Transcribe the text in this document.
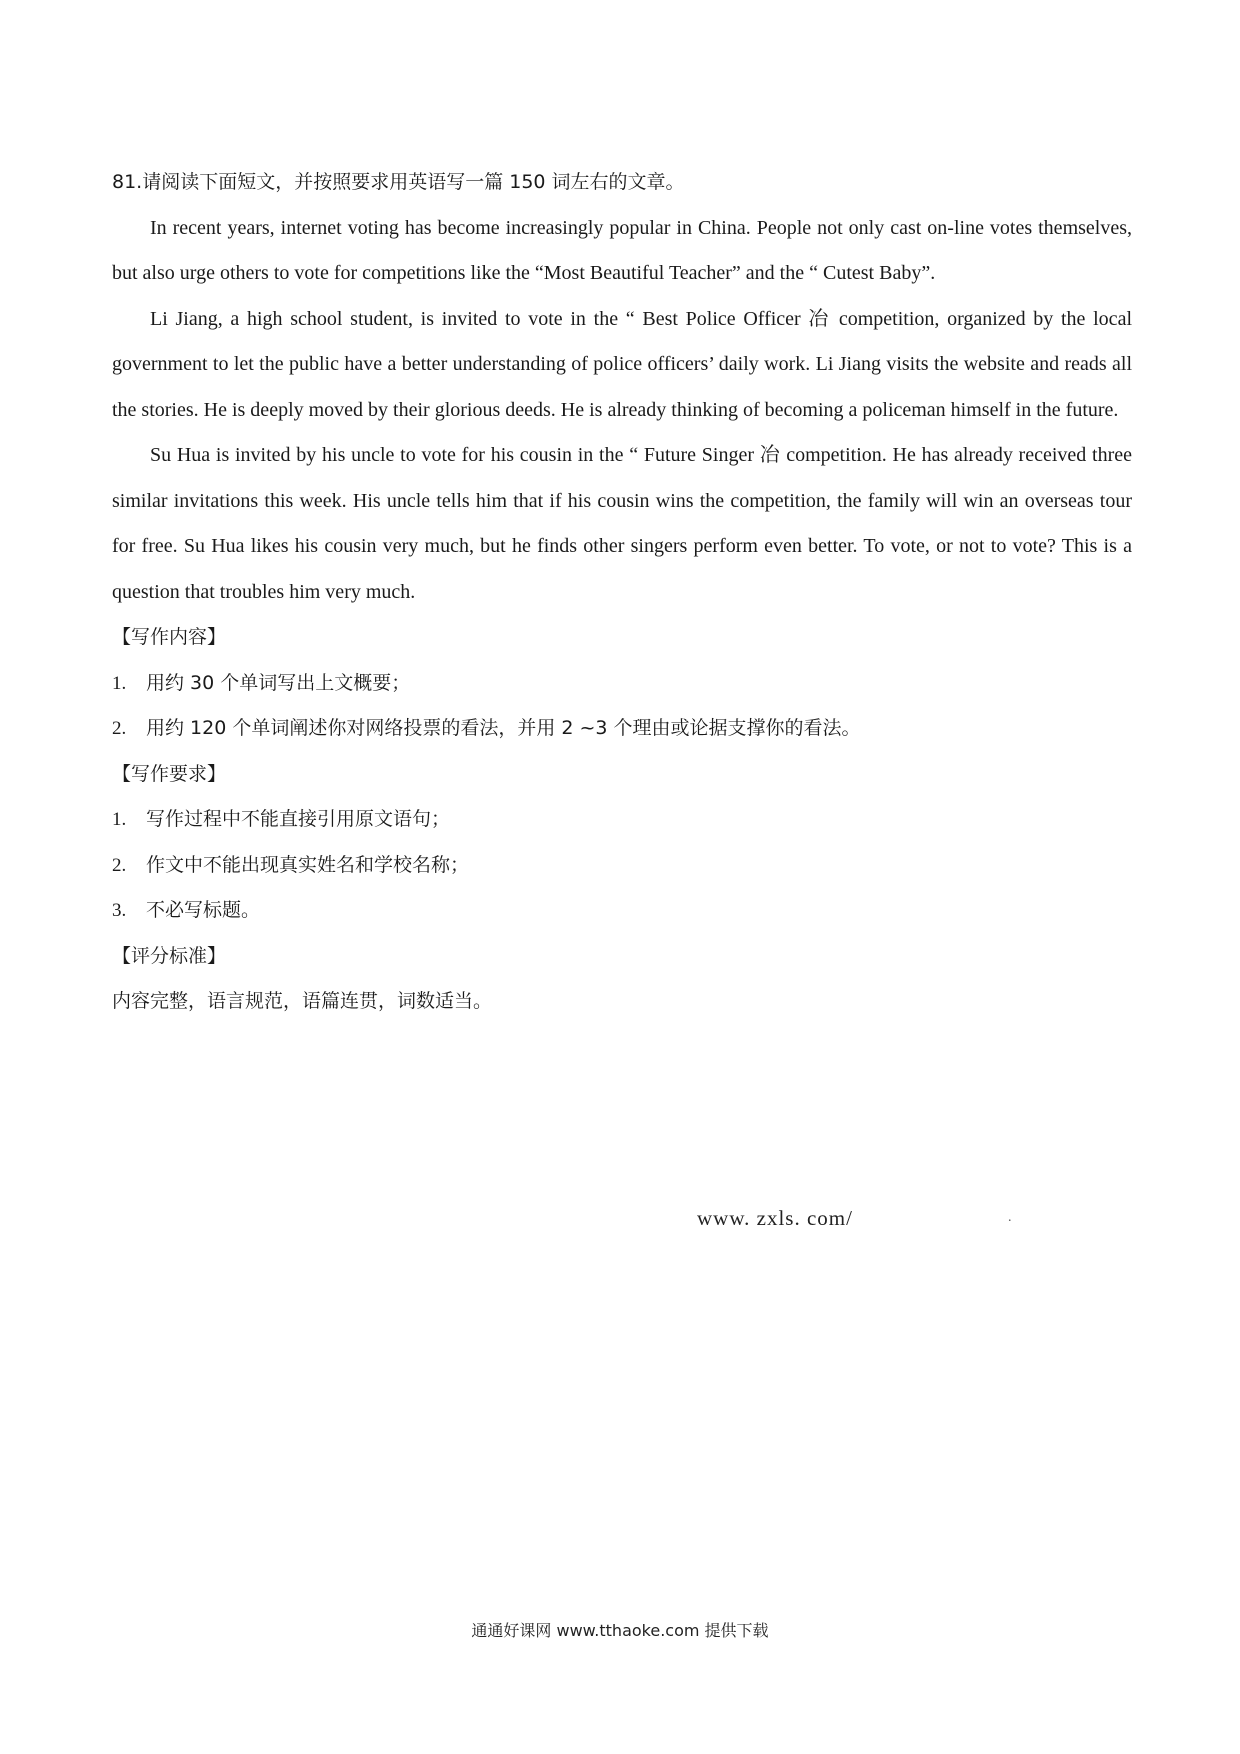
81.请阅读下面短文，并按照要求用英语写一篇 150 词左右的文章。

In recent years, internet voting has become increasingly popular in China. People not only cast on-line votes themselves, but also urge others to vote for competitions like the “Most Beautiful Teacher” and the “ Cutest Baby”.

Li Jiang, a high school student, is invited to vote in the “ Best Police Officer 冶 competition, organized by the local government to let the public have a better understanding of police officers’ daily work. Li Jiang visits the website and reads all the stories. He is deeply moved by their glorious deeds. He is already thinking of becoming a policeman himself in the future.

Su Hua is invited by his uncle to vote for his cousin in the “ Future Singer 冶 competition. He has already received three similar invitations this week. His uncle tells him that if his cousin wins the competition, the family will win an overseas tour for free. Su Hua likes his cousin very much, but he finds other singers perform even better. To vote, or not to vote? This is a question that troubles him very much.

【写作内容】

1. 用约 30 个单词写出上文概要；

2. 用约 120 个单词阐述你对网络投票的看法，并用 2 ~3 个理由或论据支撑你的看法。

【写作要求】

1. 写作过程中不能直接引用原文语句；

2. 作文中不能出现真实姓名和学校名称；

3. 不必写标题。

【评分标准】

内容完整，语言规范，语篇连贯，词数适当。

www. zxls. com/	.
通通好课网 www.tthaoke.com 提供下载
